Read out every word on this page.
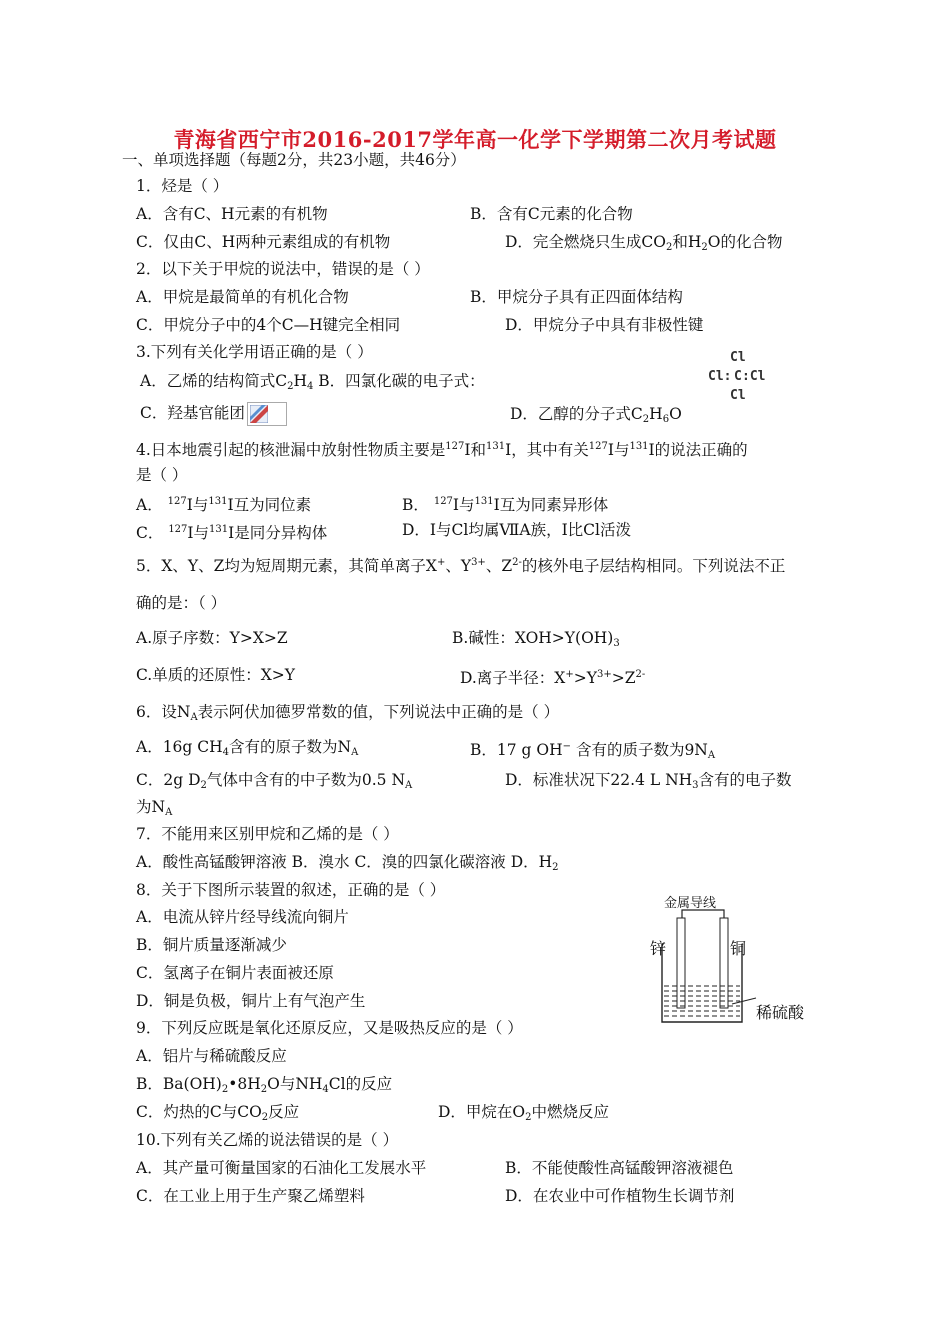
青海省西宁市2016-2017学年高一化学下学期第二次月考试题
一、单项选择题（每题2分，共23小题，共46分）
1．烃是（ ）
A．含有C、H元素的有机物	B．含有C元素的化合物
C．仅由C、H两种元素组成的有机物	D．完全燃烧只生成$CO_2$和$H_2O$的化合物
2．以下关于甲烷的说法中，错误的是（ ）
A．甲烷是最简单的有机化合物	B．甲烷分子具有正四面体结构
C．甲烷分子中的4个C—H键完全相同	D．甲烷分子中具有非极性键
3.下列有关化学用语正确的是（ ）
A．乙烯的结构简式$C_2H_4$ B．四氯化碳的电子式：
Cl
Cl: C :Cl
Cl
C．羟基官能团	D．乙醇的分子式$C_2H_6O$
4.日本地震引起的核泄漏中放射性物质主要是$^{127}$I和$^{131}$I，其中有关$^{127}$I与$^{131}$I的说法正确的
是（ ）
A． $^{127}$I与$^{131}$I互为同位素	B． $^{127}$I与$^{131}$I互为同素异形体
C． $^{127}$I与$^{131}$I是同分异构体	D．I与Cl均属ⅦA族，I比Cl活泼
5．X、Y、Z均为短周期元素，其简单离子X+、$Y^{3+}$、$Z^{2-}$的核外电子层结构相同。下列说法不正
确的是：（ ）
A.原子序数：Y>X>Z	B.碱性：$XOH>Y(OH)_3$
C.单质的还原性：X>Y	D.离子半径：$X^+>Y^{3+}>Z^{2-}$
6．设$N_A$表示阿伏加德罗常数的值，下列说法中正确的是（ ）
A．16g $CH_4$含有的原子数为$N_A$	B．17 g OH− 含有的质子数为$9N_A$
C．2g $D_2$气体中含有的中子数为0.5 $N_A$	D．标准状况下22.4 L $NH_3$含有的电子数
为$N_A$
7．不能用来区别甲烷和乙烯的是（ ）
A．酸性高锰酸钾溶液 B．溴水 C．溴的四氯化碳溶液 D．$H_2$
8．关于下图所示装置的叙述，正确的是（ ）
A．电流从锌片经导线流向铜片
B．铜片质量逐渐减少
C．氢离子在铜片表面被还原
D．铜是负极，铜片上有气泡产生
金属导线
锌	铜
稀硫酸
9．下列反应既是氧化还原反应，又是吸热反应的是（ ）
A．铝片与稀硫酸反应
B．$Ba(OH)_2•8H_2O$与$NH_4Cl$的反应
C．灼热的C与$CO_2$反应	D．甲烷在$O_2$中燃烧反应
10.下列有关乙烯的说法错误的是（ ）
A．其产量可衡量国家的石油化工发展水平	B．不能使酸性高锰酸钾溶液褪色
C．在工业上用于生产聚乙烯塑料	D．在农业中可作植物生长调节剂
